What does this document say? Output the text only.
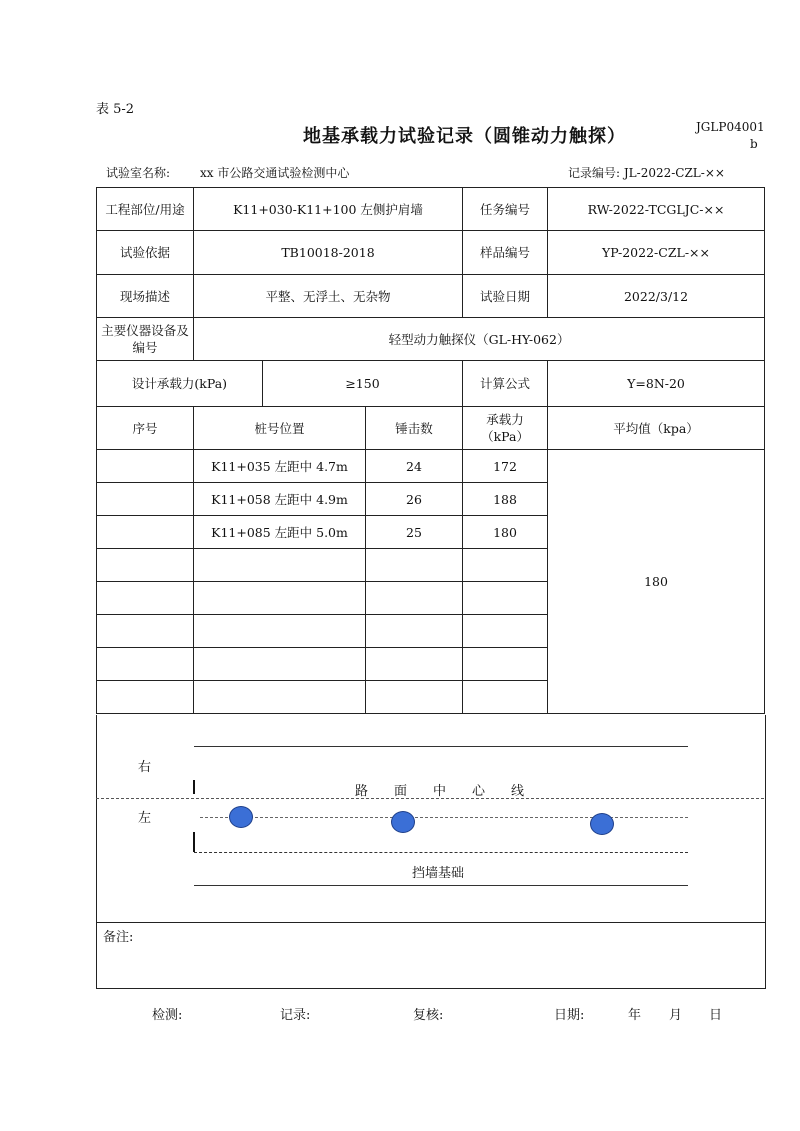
表 5-2
地基承载力试验记录（圆锥动力触探）	JGLP04001
b
试验室名称: xx 市公路交通试验检测中心	记录编号: JL-2022-CZL-××
工程部位/用途	K11+030-K11+100 左侧护肩墙			任务编号	RW-2022-TCGLJC-××
试验依据	TB10018-2018			样品编号	YP-2022-CZL-××
现场描述	平整、无浮土、无杂物			试验日期	2022/3/12
主要仪器设备及编号	轻型动力触探仪（GL-HY-062）				
设计承载力(kPa)		≥150		计算公式	Y=8N-20
序号	桩号位置		锤击数	承载力（kPa）	平均值（kpa）
	K11+035 左距中 4.7m		24	172	180
	K11+058 左距中 4.9m		26	188	
	K11+085 左距中 5.0m		25	180	

右
路　　面　　中　　心　　线
左
挡墙基础
备注:
检测:	记录:	复核:	日期:	年 月 日
